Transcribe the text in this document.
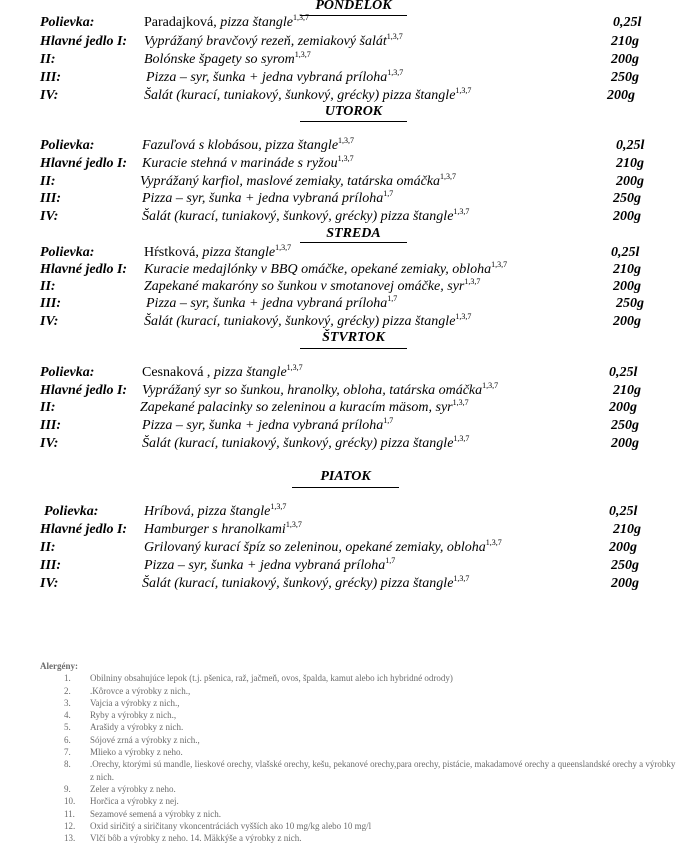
PONDELOK
Polievka:	Paradajková, pizza štangle$^{1,3,7}$	0,25l
Hlavné jedlo I: Vyprážaný bravčový rezeň, zemiakový šalát$^{1,3,7}$	210g
II:	Bolónske špagety so syrom$^{1,3,7}$	200g
III:	Pizza – syr, šunka + jedna vybraná príloha$^{1,3,7}$	250g
IV:	Šalát (kurací, tuniakový, šunkový, grécky) pizza štangle$^{1,3,7}$	200g
UTOROK
Polievka:	Fazuľová s klobásou, pizza štangle$^{1,3,7}$	0,25l
Hlavné jedlo I: Kuracie stehná v marináde s ryžou$^{1,3,7}$	210g
II:	Vyprážaný karfiol, maslové zemiaky, tatárska omáčka$^{1,3,7}$	200g
III:	Pizza – syr, šunka + jedna vybraná príloha$^{1,7}$	250g
IV:	Šalát (kurací, tuniakový, šunkový, grécky) pizza štangle$^{1,3,7}$	200g
STREDA
Polievka:	Hŕstková, pizza štangle$^{1,3,7}$	0,25l
Hlavné jedlo I: Kuracie medajlónky v BBQ omáčke, opekané zemiaky, obloha$^{1,3,7}$	210g
II:	Zapekané makaróny so šunkou v smotanovej omáčke, syr$^{1,3,7}$	200g
III:	Pizza – syr, šunka + jedna vybraná príloha$^{1,7}$	250g
IV:	Šalát (kurací, tuniakový, šunkový, grécky) pizza štangle$^{1,3,7}$	200g
ŠTVRTOK
Polievka:	Cesnaková , pizza štangle$^{1,3,7}$	0,25l
Hlavné jedlo I: Vyprážaný syr so šunkou, hranolky, obloha, tatárska omáčka$^{1,3,7}$	210g
II:	Zapekané palacinky so zeleninou a kuracím mäsom, syr$^{1,3,7}$	200g
III:	Pizza – syr, šunka + jedna vybraná príloha$^{1,7}$	250g
IV:	Šalát (kurací, tuniakový, šunkový, grécky) pizza štangle$^{1,3,7}$	200g
PIATOK
Polievka:	Hríbová, pizza štangle$^{1,3,7}$	0,25l
Hlavné jedlo I: Hamburger s hranolkami$^{1,3,7}$	210g
II:	Grilovaný kurací špíz so zeleninou, opekané zemiaky, obloha$^{1,3,7}$	200g
III:	Pizza – syr, šunka + jedna vybraná príloha$^{1,7}$	250g
IV:	Šalát (kurací, tuniakový, šunkový, grécky) pizza štangle$^{1,3,7}$	200g
Alergény:
1. Obilniny obsahujúce lepok (t.j. pšenica, raž, jačmeň, ovos, špalda, kamut alebo ich hybridné odrody)
2. .Kôrovce a výrobky z nich.,
3. Vajcia a výrobky z nich.,
4. Ryby a výrobky z nich.,
5. Arašidy a výrobky z nich.
6. Sójové zrná a výrobky z nich.,
7. Mlieko a výrobky z neho.
8. .Orechy, ktorými sú mandle, lieskové orechy, vlašské orechy, kešu, pekanové orechy,para orechy, pistácie, makadamové orechy a queenslandské orechy a výrobky z nich.
9. Zeler a výrobky z neho.
10. Horčica a výrobky z nej.
11. Sezamové semená a výrobky z nich.
12. Oxid siričitý a siričitany vkoncentráciách vyšších ako 10 mg/kg alebo 10 mg/l
13. Vlčí bôb a výrobky z neho. 14. Mäkkýše a výrobky z nich.
